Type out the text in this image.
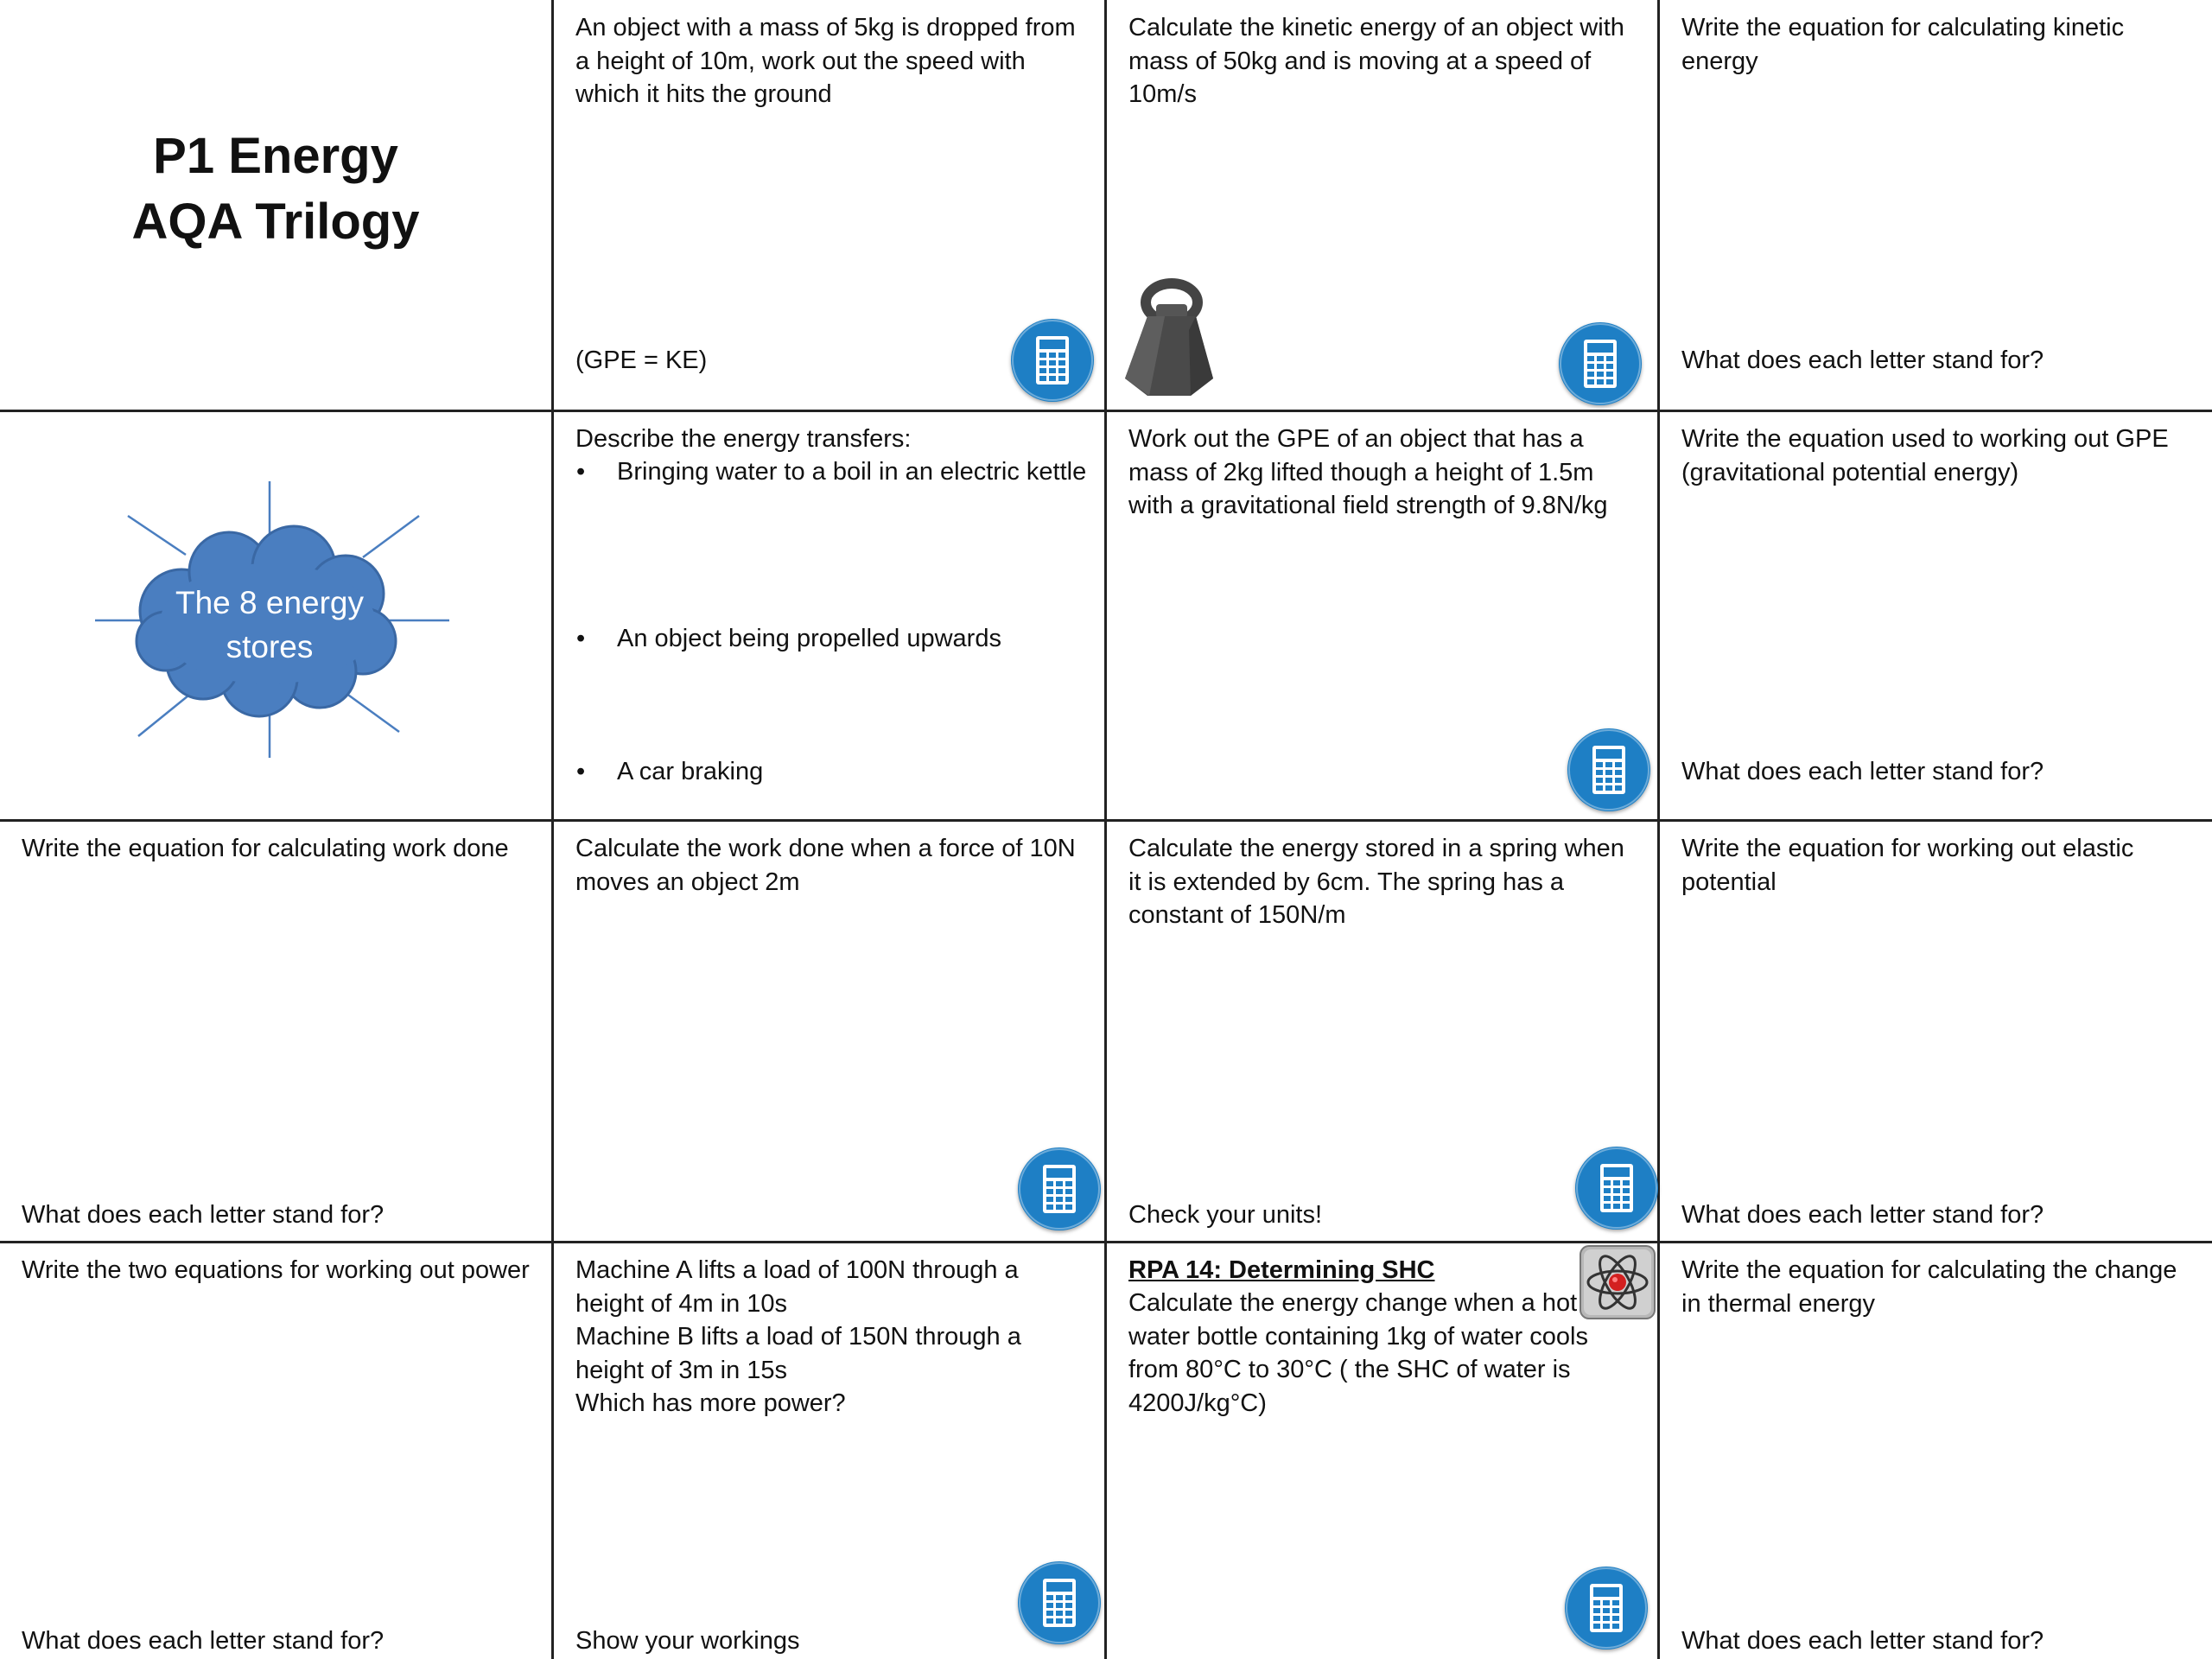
P1 Energy
AQA Trilogy
An object with a mass of 5kg is dropped from a height of 10m, work out the speed with which it hits the ground
(GPE = KE)
Calculate the kinetic energy of an object with mass of 50kg and is moving at a speed of 10m/s
Write the equation for calculating kinetic energy
What does each letter stand for?
The 8 energy
stores
Describe the energy transfers:
• Bringing water to a boil in an electric kettle
• An object being propelled upwards
• A car braking
Work out the GPE of an object that has a mass of 2kg lifted though a height of 1.5m with a gravitational field strength of 9.8N/kg
Write the equation used to working out GPE (gravitational potential energy)
What does each letter stand for?
Write the equation for calculating work done
What does each letter stand for?
Calculate the work done when a force of 10N moves an object 2m
Calculate the energy stored in a spring when it is extended by 6cm. The spring has a constant of 150N/m
Check your units!
Write the equation for working out elastic potential
What does each letter stand for?
Write the two equations for working out power
What does each letter stand for?
Machine A lifts a load of 100N through a height of 4m in 10s
Machine B lifts a load of 150N through a height of 3m in 15s
Which has more power?
Show your workings
RPA 14: Determining SHC
Calculate the energy change when a hot water bottle containing 1kg of water cools from 80°C to 30°C ( the SHC of water is 4200J/kg°C)
Write the equation for calculating the change in thermal energy
What does each letter stand for?
